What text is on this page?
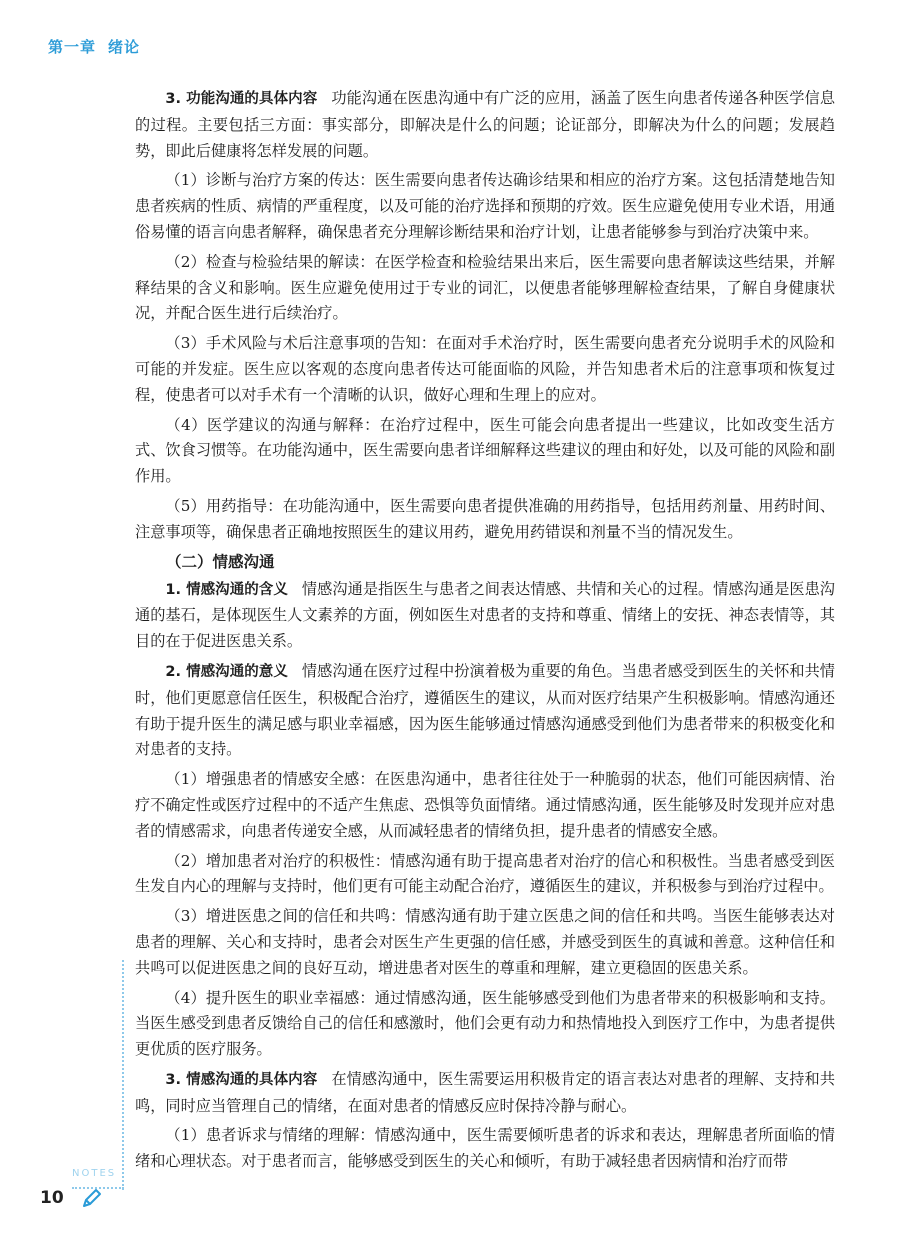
第一章 绪论

3. 功能沟通的具体内容 功能沟通在医患沟通中有广泛的应用，涵盖了医生向患者传递各种医学信息的过程。主要包括三方面：事实部分，即解决是什么的问题；论证部分，即解决为什么的问题；发展趋势，即此后健康将怎样发展的问题。

（1）诊断与治疗方案的传达：医生需要向患者传达确诊结果和相应的治疗方案。这包括清楚地告知患者疾病的性质、病情的严重程度，以及可能的治疗选择和预期的疗效。医生应避免使用专业术语，用通俗易懂的语言向患者解释，确保患者充分理解诊断结果和治疗计划，让患者能够参与到治疗决策中来。

（2）检查与检验结果的解读：在医学检查和检验结果出来后，医生需要向患者解读这些结果，并解释结果的含义和影响。医生应避免使用过于专业的词汇，以便患者能够理解检查结果，了解自身健康状况，并配合医生进行后续治疗。

（3）手术风险与术后注意事项的告知：在面对手术治疗时，医生需要向患者充分说明手术的风险和可能的并发症。医生应以客观的态度向患者传达可能面临的风险，并告知患者术后的注意事项和恢复过程，使患者可以对手术有一个清晰的认识，做好心理和生理上的应对。

（4）医学建议的沟通与解释：在治疗过程中，医生可能会向患者提出一些建议，比如改变生活方式、饮食习惯等。在功能沟通中，医生需要向患者详细解释这些建议的理由和好处，以及可能的风险和副作用。

（5）用药指导：在功能沟通中，医生需要向患者提供准确的用药指导，包括用药剂量、用药时间、注意事项等，确保患者正确地按照医生的建议用药，避免用药错误和剂量不当的情况发生。

（二）情感沟通

1. 情感沟通的含义 情感沟通是指医生与患者之间表达情感、共情和关心的过程。情感沟通是医患沟通的基石，是体现医生人文素养的方面，例如医生对患者的支持和尊重、情绪上的安抚、神态表情等，其目的在于促进医患关系。

2. 情感沟通的意义 情感沟通在医疗过程中扮演着极为重要的角色。当患者感受到医生的关怀和共情时，他们更愿意信任医生，积极配合治疗，遵循医生的建议，从而对医疗结果产生积极影响。情感沟通还有助于提升医生的满足感与职业幸福感，因为医生能够通过情感沟通感受到他们为患者带来的积极变化和对患者的支持。

（1）增强患者的情感安全感：在医患沟通中，患者往往处于一种脆弱的状态，他们可能因病情、治疗不确定性或医疗过程中的不适产生焦虑、恐惧等负面情绪。通过情感沟通，医生能够及时发现并应对患者的情感需求，向患者传递安全感，从而减轻患者的情绪负担，提升患者的情感安全感。

（2）增加患者对治疗的积极性：情感沟通有助于提高患者对治疗的信心和积极性。当患者感受到医生发自内心的理解与支持时，他们更有可能主动配合治疗，遵循医生的建议，并积极参与到治疗过程中。

（3）增进医患之间的信任和共鸣：情感沟通有助于建立医患之间的信任和共鸣。当医生能够表达对患者的理解、关心和支持时，患者会对医生产生更强的信任感，并感受到医生的真诚和善意。这种信任和共鸣可以促进医患之间的良好互动，增进患者对医生的尊重和理解，建立更稳固的医患关系。

（4）提升医生的职业幸福感：通过情感沟通，医生能够感受到他们为患者带来的积极影响和支持。当医生感受到患者反馈给自己的信任和感激时，他们会更有动力和热情地投入到医疗工作中，为患者提供更优质的医疗服务。

3. 情感沟通的具体内容 在情感沟通中，医生需要运用积极肯定的语言表达对患者的理解、支持和共鸣，同时应当管理自己的情绪，在面对患者的情感反应时保持冷静与耐心。

（1）患者诉求与情绪的理解：情感沟通中，医生需要倾听患者的诉求和表达，理解患者所面临的情绪和心理状态。对于患者而言，能够感受到医生的关心和倾听，有助于减轻患者因病情和治疗而带

NOTES
10
